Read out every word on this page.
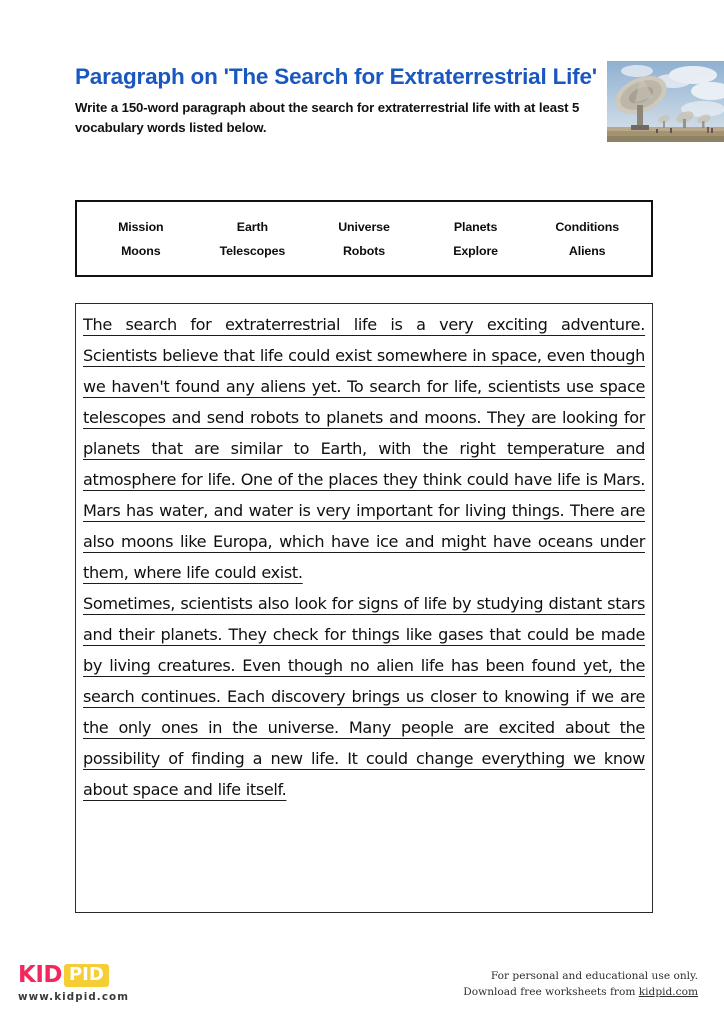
Paragraph on 'The Search for Extraterrestrial Life'

Write a 150-word paragraph about the search for extraterrestrial life with at least 5 vocabulary words listed below.

Mission	Earth	Universe	Planets	Conditions
Moons	Telescopes	Robots	Explore	Aliens

The search for extraterrestrial life is a very exciting adventure. Scientists believe that life could exist somewhere in space, even though we haven't found any aliens yet. To search for life, scientists use space telescopes and send robots to planets and moons. They are looking for planets that are similar to Earth, with the right temperature and atmosphere for life. One of the places they think could have life is Mars. Mars has water, and water is very important for living things. There are also moons like Europa, which have ice and might have oceans under them, where life could exist.

Sometimes, scientists also look for signs of life by studying distant stars and their planets. They check for things like gases that could be made by living creatures. Even though no alien life has been found yet, the search continues. Each discovery brings us closer to knowing if we are the only ones in the universe. Many people are excited about the possibility of finding a new life. It could change everything we know about space and life itself.

KID PID
www.kidpid.com
For personal and educational use only.
Download free worksheets from kidpid.com
